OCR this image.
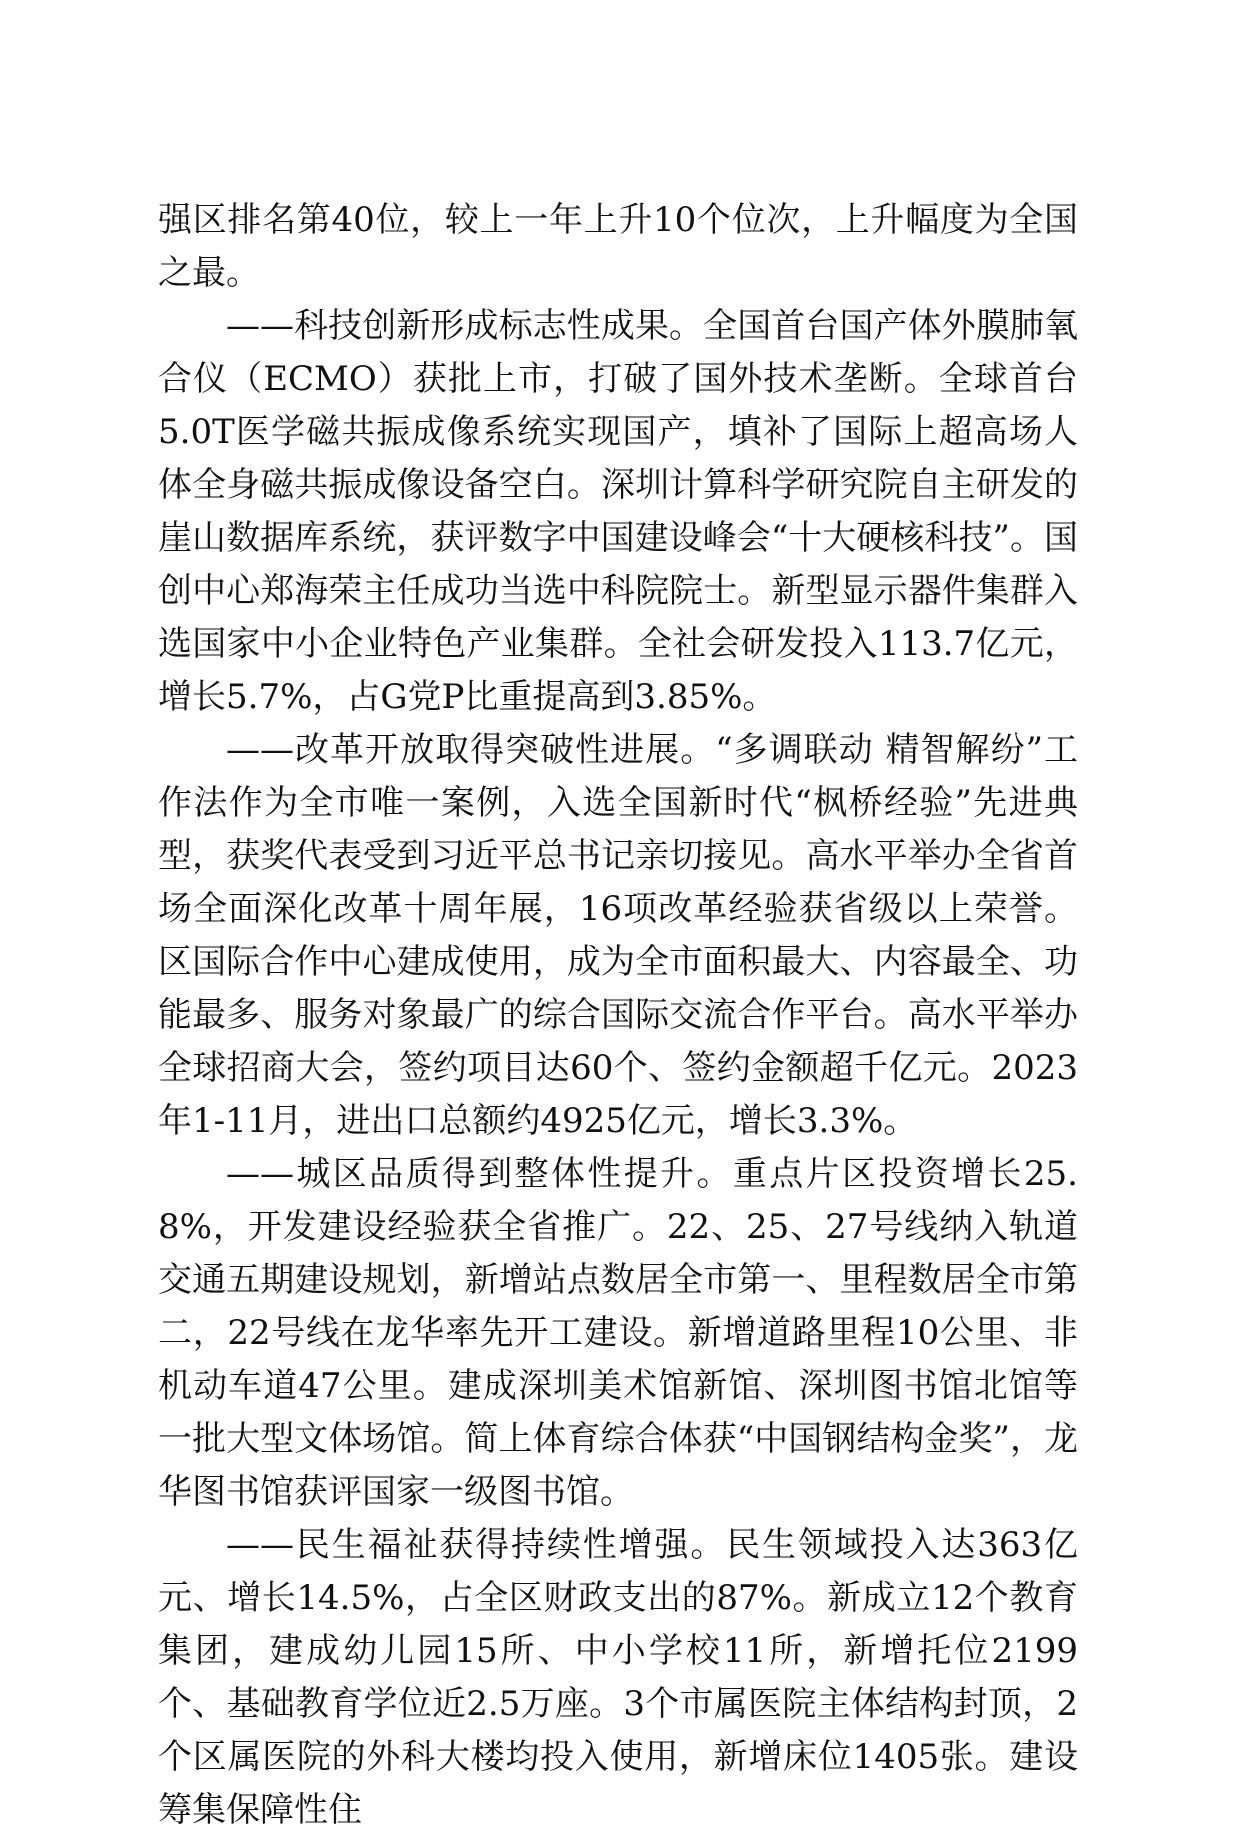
强区排名第40位，较上一年上升10个位次，上升幅度为全国之最。

——科技创新形成标志性成果。全国首台国产体外膜肺氧合仪（ECMO）获批上市，打破了国外技术垄断。全球首台5.0T医学磁共振成像系统实现国产，填补了国际上超高场人体全身磁共振成像设备空白。深圳计算科学研究院自主研发的崖山数据库系统，获评数字中国建设峰会“十大硬核科技”。国创中心郑海荣主任成功当选中科院院士。新型显示器件集群入选国家中小企业特色产业集群。全社会研发投入113.7亿元，增长5.7%，占G党P比重提高到3.85%。

——改革开放取得突破性进展。“多调联动 精智解纷”工作法作为全市唯一案例，入选全国新时代“枫桥经验”先进典型，获奖代表受到习近平总书记亲切接见。高水平举办全省首场全面深化改革十周年展，16项改革经验获省级以上荣誉。区国际合作中心建成使用，成为全市面积最大、内容最全、功能最多、服务对象最广的综合国际交流合作平台。高水平举办全球招商大会，签约项目达60个、签约金额超千亿元。2023年1-11月，进出口总额约4925亿元，增长3.3%。

——城区品质得到整体性提升。重点片区投资增长25.8%，开发建设经验获全省推广。22、25、27号线纳入轨道交通五期建设规划，新增站点数居全市第一、里程数居全市第二，22号线在龙华率先开工建设。新增道路里程10公里、非机动车道47公里。建成深圳美术馆新馆、深圳图书馆北馆等一批大型文体场馆。简上体育综合体获“中国钢结构金奖”，龙华图书馆获评国家一级图书馆。

——民生福祉获得持续性增强。民生领域投入达363亿元、增长14.5%，占全区财政支出的87%。新成立12个教育集团，建成幼儿园15所、中小学校11所，新增托位2199个、基础教育学位近2.5万座。3个市属医院主体结构封顶，2个区属医院的外科大楼均投入使用，新增床位1405张。建设筹集保障性住
